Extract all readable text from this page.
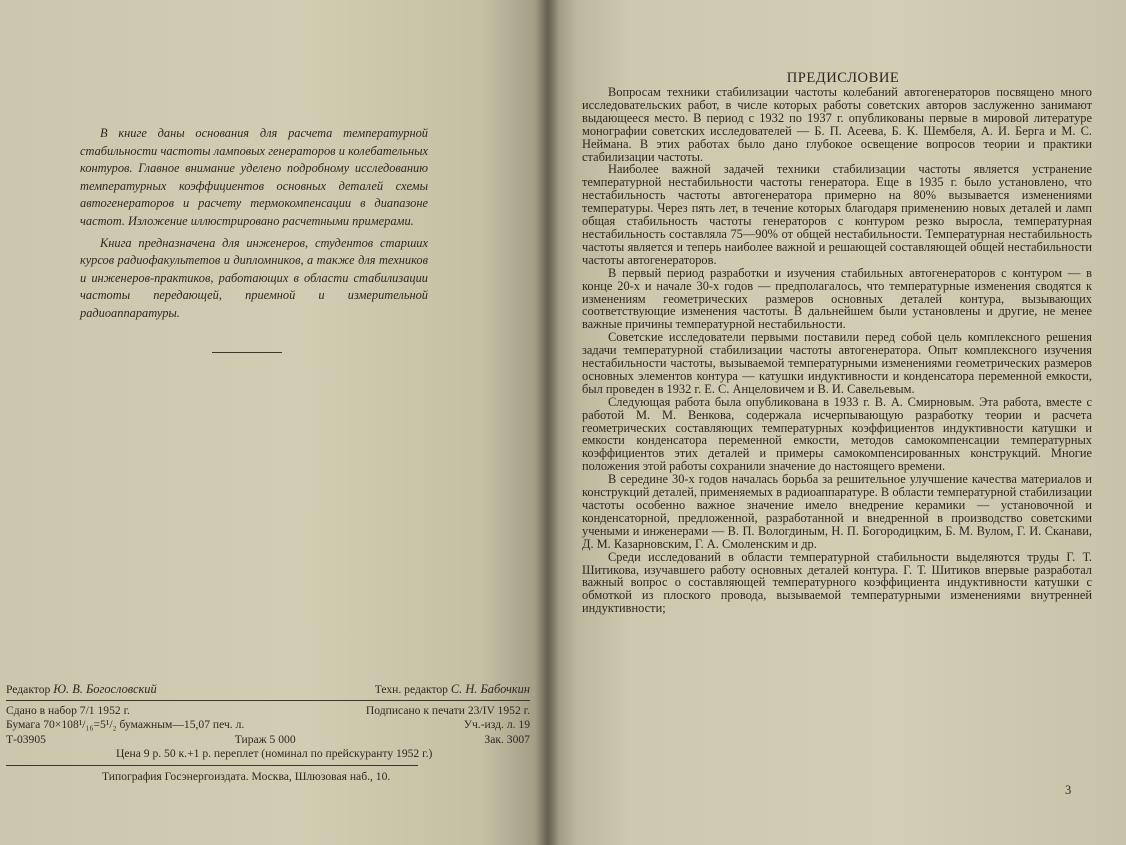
В книге даны основания для расчета температурной стабильности частоты ламповых генераторов и колебательных контуров. Главное внимание уделено подробному исследованию температурных коэффициентов основных деталей схемы автогенераторов и расчету термокомпенсации в диапазоне частот. Изложение иллюстрировано расчетными примерами.

Книга предназначена для инженеров, студентов старших курсов радиофакультетов и дипломников, а также для техников и инженеров-практиков, работающих в области стабилизации частоты передающей, приемной и измерительной радиоаппаратуры.

Редактор Ю. В. Богословский	Техн. редактор С. Н. Бабочкин
Сдано в набор 7/1 1952 г.	Подписано к печати 23/IV 1952 г.
Бумага 70×108¹/₁₆=5¹/₂ бумажным—15,07 печ. л.	Уч.-изд. л. 19
Т-03905	Тираж 5 000	Зак. 3007
Цена 9 р. 50 к.+1 р. переплет (номинал по прейскуранту 1952 г.)
Типография Госэнергоиздата. Москва, Шлюзовая наб., 10.
ПРЕДИСЛОВИЕ

Вопросам техники стабилизации частоты колебаний автогенераторов посвящено много исследовательских работ, в числе которых работы советских авторов заслуженно занимают выдающееся место. В период с 1932 по 1937 г. опубликованы первые в мировой литературе монографии советских исследователей — Б. П. Асеева, Б. К. Шембеля, А. И. Берга и М. С. Неймана. В этих работах было дано глубокое освещение вопросов теории и практики стабилизации частоты.

Наиболее важной задачей техники стабилизации частоты является устранение температурной нестабильности частоты генератора. Еще в 1935 г. было установлено, что нестабильность частоты автогенератора примерно на 80% вызывается изменениями температуры. Через пять лет, в течение которых благодаря применению новых деталей и ламп общая стабильность частоты генераторов с контуром резко выросла, температурная нестабильность составляла 75—90% от общей нестабильности. Температурная нестабильность частоты является и теперь наиболее важной и решающей составляющей общей нестабильности частоты автогенераторов.

В первый период разработки и изучения стабильных автогенераторов с контуром — в конце 20-х и начале 30-х годов — предполагалось, что температурные изменения сводятся к изменениям геометрических размеров основных деталей контура, вызывающих соответствующие изменения частоты. В дальнейшем были установлены и другие, не менее важные причины температурной нестабильности.

Советские исследователи первыми поставили перед собой цель комплексного решения задачи температурной стабилизации частоты автогенератора. Опыт комплексного изучения нестабильности частоты, вызываемой температурными изменениями геометрических размеров основных элементов контура — катушки индуктивности и конденсатора переменной емкости, был проведен в 1932 г. Е. С. Анцеловичем и В. И. Савельевым.

Следующая работа была опубликована в 1933 г. В. А. Смирновым. Эта работа, вместе с работой М. М. Венкова, содержала исчерпывающую разработку теории и расчета геометрических составляющих температурных коэффициентов индуктивности катушки и емкости конденсатора переменной емкости, методов самокомпенсации температурных коэффициентов этих деталей и примеры самокомпенсированных конструкций. Многие положения этой работы сохранили значение до настоящего времени.

В середине 30-х годов началась борьба за решительное улучшение качества материалов и конструкций деталей, применяемых в радиоаппаратуре. В области температурной стабилизации частоты особенно важное значение имело внедрение керамики — установочной и конденсаторной, предложенной, разработанной и внедренной в производство советскими учеными и инженерами — В. П. Вологдиным, Н. П. Богородицким, Б. М. Вулом, Г. И. Сканави, Д. М. Казарновским, Г. А. Смоленским и др.

Среди исследований в области температурной стабильности выделяются труды Г. Т. Шитикова, изучавшего работу основных деталей контура. Г. Т. Шитиков впервые разработал важный вопрос о составляющей температурного коэффициента индуктивности катушки с обмоткой из плоского провода, вызываемой температурными изменениями внутренней индуктивности;

3
